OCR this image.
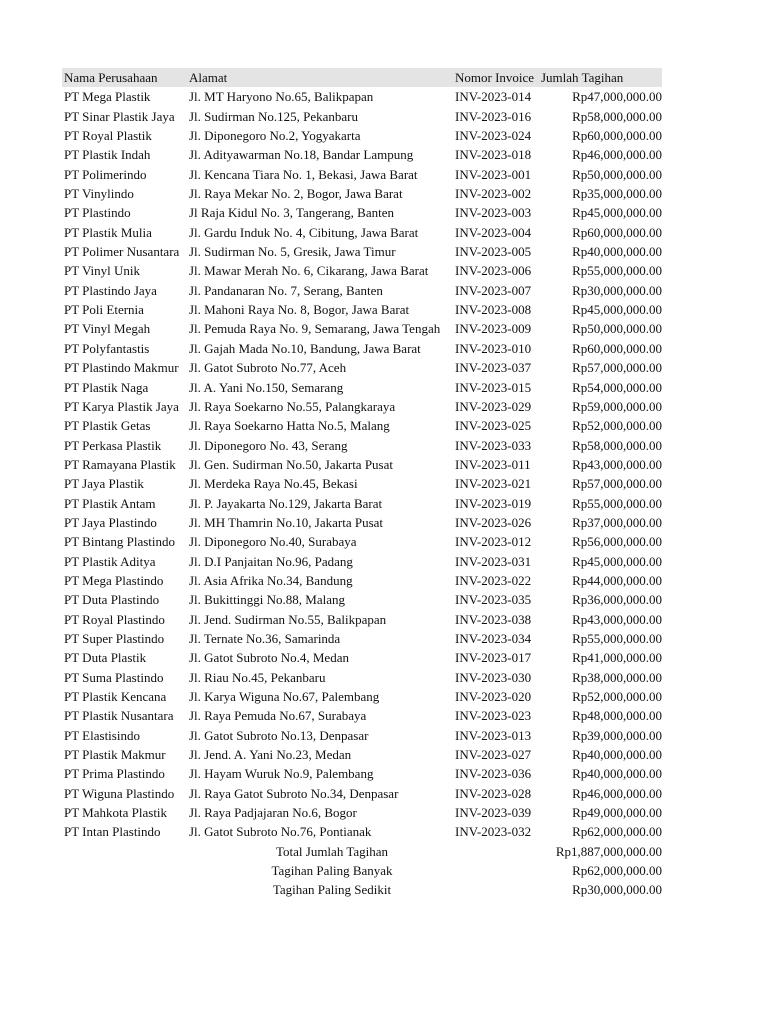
Nama Perusahaan Alamat	Nomor Invoice Jumlah Tagihan
PT Mega Plastik	Jl. MT Haryono No.65, Balikpapan	INV-2023-014	Rp47,000,000.00
PT Sinar Plastik Jaya Jl. Sudirman No.125, Pekanbaru	INV-2023-016	Rp58,000,000.00
PT Royal Plastik	Jl. Diponegoro No.2, Yogyakarta	INV-2023-024	Rp60,000,000.00
PT Plastik Indah	Jl. Adityawarman No.18, Bandar Lampung	INV-2023-018	Rp46,000,000.00
PT Polimerindo	Jl. Kencana Tiara No. 1, Bekasi, Jawa Barat	INV-2023-001	Rp50,000,000.00
PT Vinylindo	Jl. Raya Mekar No. 2, Bogor, Jawa Barat	INV-2023-002	Rp35,000,000.00
PT Plastindo	Jl Raja Kidul No. 3, Tangerang, Banten	INV-2023-003	Rp45,000,000.00
PT Plastik Mulia	Jl. Gardu Induk No. 4, Cibitung, Jawa Barat	INV-2023-004	Rp60,000,000.00
PT Polimer Nusantara Jl. Sudirman No. 5, Gresik, Jawa Timur	INV-2023-005	Rp40,000,000.00
PT Vinyl Unik	Jl. Mawar Merah No. 6, Cikarang, Jawa Barat INV-2023-006	Rp55,000,000.00
PT Plastindo Jaya Jl. Pandanaran No. 7, Serang, Banten	INV-2023-007	Rp30,000,000.00
PT Poli Eternia	Jl. Mahoni Raya No. 8, Bogor, Jawa Barat	INV-2023-008	Rp45,000,000.00
PT Vinyl Megah	Jl. Pemuda Raya No. 9, Semarang, Jawa Tengah INV-2023-009	Rp50,000,000.00
PT Polyfantastis	Jl. Gajah Mada No.10, Bandung, Jawa Barat	INV-2023-010	Rp60,000,000.00
PT Plastindo Makmur Jl. Gatot Subroto No.77, Aceh	INV-2023-037	Rp57,000,000.00
PT Plastik Naga	Jl. A. Yani No.150, Semarang	INV-2023-015	Rp54,000,000.00
PT Karya Plastik Jaya Jl. Raya Soekarno No.55, Palangkaraya	INV-2023-029	Rp59,000,000.00
PT Plastik Getas	Jl. Raya Soekarno Hatta No.5, Malang	INV-2023-025	Rp52,000,000.00
PT Perkasa Plastik Jl. Diponegoro No. 43, Serang	INV-2023-033	Rp58,000,000.00
PT Ramayana Plastik Jl. Gen. Sudirman No.50, Jakarta Pusat	INV-2023-011	Rp43,000,000.00
PT Jaya Plastik	Jl. Merdeka Raya No.45, Bekasi	INV-2023-021	Rp57,000,000.00
PT Plastik Antam	Jl. P. Jayakarta No.129, Jakarta Barat	INV-2023-019	Rp55,000,000.00
PT Jaya Plastindo Jl. MH Thamrin No.10, Jakarta Pusat	INV-2023-026	Rp37,000,000.00
PT Bintang Plastindo Jl. Diponegoro No.40, Surabaya	INV-2023-012	Rp56,000,000.00
PT Plastik Aditya	Jl. D.I Panjaitan No.96, Padang	INV-2023-031	Rp45,000,000.00
PT Mega Plastindo Jl. Asia Afrika No.34, Bandung	INV-2023-022	Rp44,000,000.00
PT Duta Plastindo Jl. Bukittinggi No.88, Malang	INV-2023-035	Rp36,000,000.00
PT Royal Plastindo Jl. Jend. Sudirman No.55, Balikpapan	INV-2023-038	Rp43,000,000.00
PT Super Plastindo Jl. Ternate No.36, Samarinda	INV-2023-034	Rp55,000,000.00
PT Duta Plastik	Jl. Gatot Subroto No.4, Medan	INV-2023-017	Rp41,000,000.00
PT Suma Plastindo Jl. Riau No.45, Pekanbaru	INV-2023-030	Rp38,000,000.00
PT Plastik Kencana Jl. Karya Wiguna No.67, Palembang	INV-2023-020	Rp52,000,000.00
PT Plastik Nusantara Jl. Raya Pemuda No.67, Surabaya	INV-2023-023	Rp48,000,000.00
PT Elastisindo	Jl. Gatot Subroto No.13, Denpasar	INV-2023-013	Rp39,000,000.00
PT Plastik Makmur Jl. Jend. A. Yani No.23, Medan	INV-2023-027	Rp40,000,000.00
PT Prima Plastindo Jl. Hayam Wuruk No.9, Palembang	INV-2023-036	Rp40,000,000.00
PT Wiguna Plastindo Jl. Raya Gatot Subroto No.34, Denpasar	INV-2023-028	Rp46,000,000.00
PT Mahkota Plastik Jl. Raya Padjajaran No.6, Bogor	INV-2023-039	Rp49,000,000.00
PT Intan Plastindo Jl. Gatot Subroto No.76, Pontianak	INV-2023-032	Rp62,000,000.00
Total Jumlah Tagihan	Rp1,887,000,000.00
Tagihan Paling Banyak	Rp62,000,000.00
Tagihan Paling Sedikit	Rp30,000,000.00
